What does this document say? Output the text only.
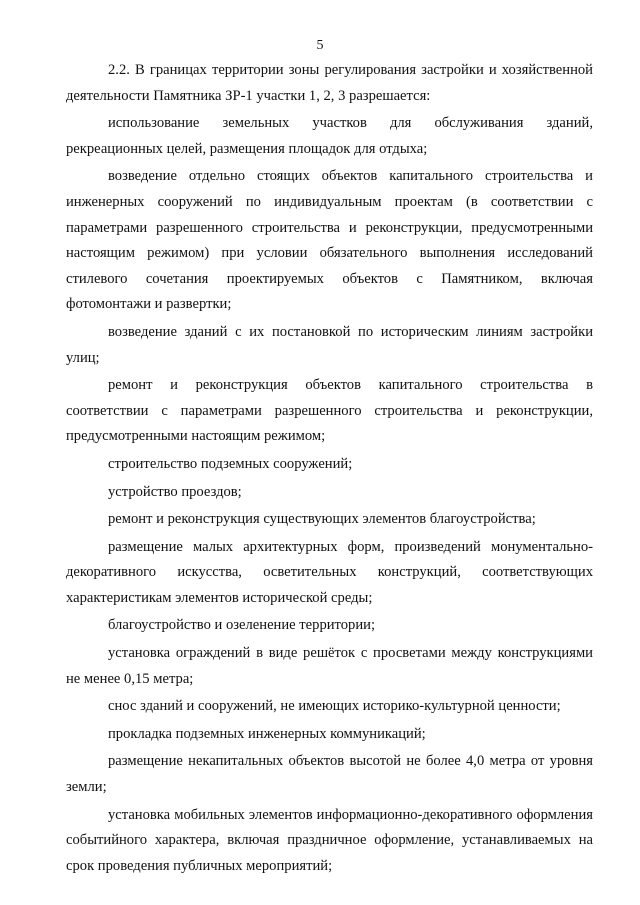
5

2.2. В границах территории зоны регулирования застройки и хозяйственной деятельности Памятника ЗР-1 участки 1, 2, 3 разрешается:

использование земельных участков для обслуживания зданий, рекреационных целей, размещения площадок для отдыха;

возведение отдельно стоящих объектов капитального строительства и инженерных сооружений по индивидуальным проектам (в соответствии с параметрами разрешенного строительства и реконструкции, предусмотренными настоящим режимом) при условии обязательного выполнения исследований стилевого сочетания проектируемых объектов с Памятником, включая фотомонтажи и развертки;

возведение зданий с их постановкой по историческим линиям застройки улиц;

ремонт и реконструкция объектов капитального строительства в соответствии с параметрами разрешенного строительства и реконструкции, предусмотренными настоящим режимом;

строительство подземных сооружений;

устройство проездов;

ремонт и реконструкция существующих элементов благоустройства;

размещение малых архитектурных форм, произведений монументально-декоративного искусства, осветительных конструкций, соответствующих характеристикам элементов исторической среды;

благоустройство и озеленение территории;

установка ограждений в виде решёток с просветами между конструкциями не менее 0,15 метра;

снос зданий и сооружений, не имеющих историко-культурной ценности;

прокладка подземных инженерных коммуникаций;

размещение некапитальных объектов высотой не более 4,0 метра от уровня земли;

установка мобильных элементов информационно-декоративного оформления событийного характера, включая праздничное оформление, устанавливаемых на срок проведения публичных мероприятий;
